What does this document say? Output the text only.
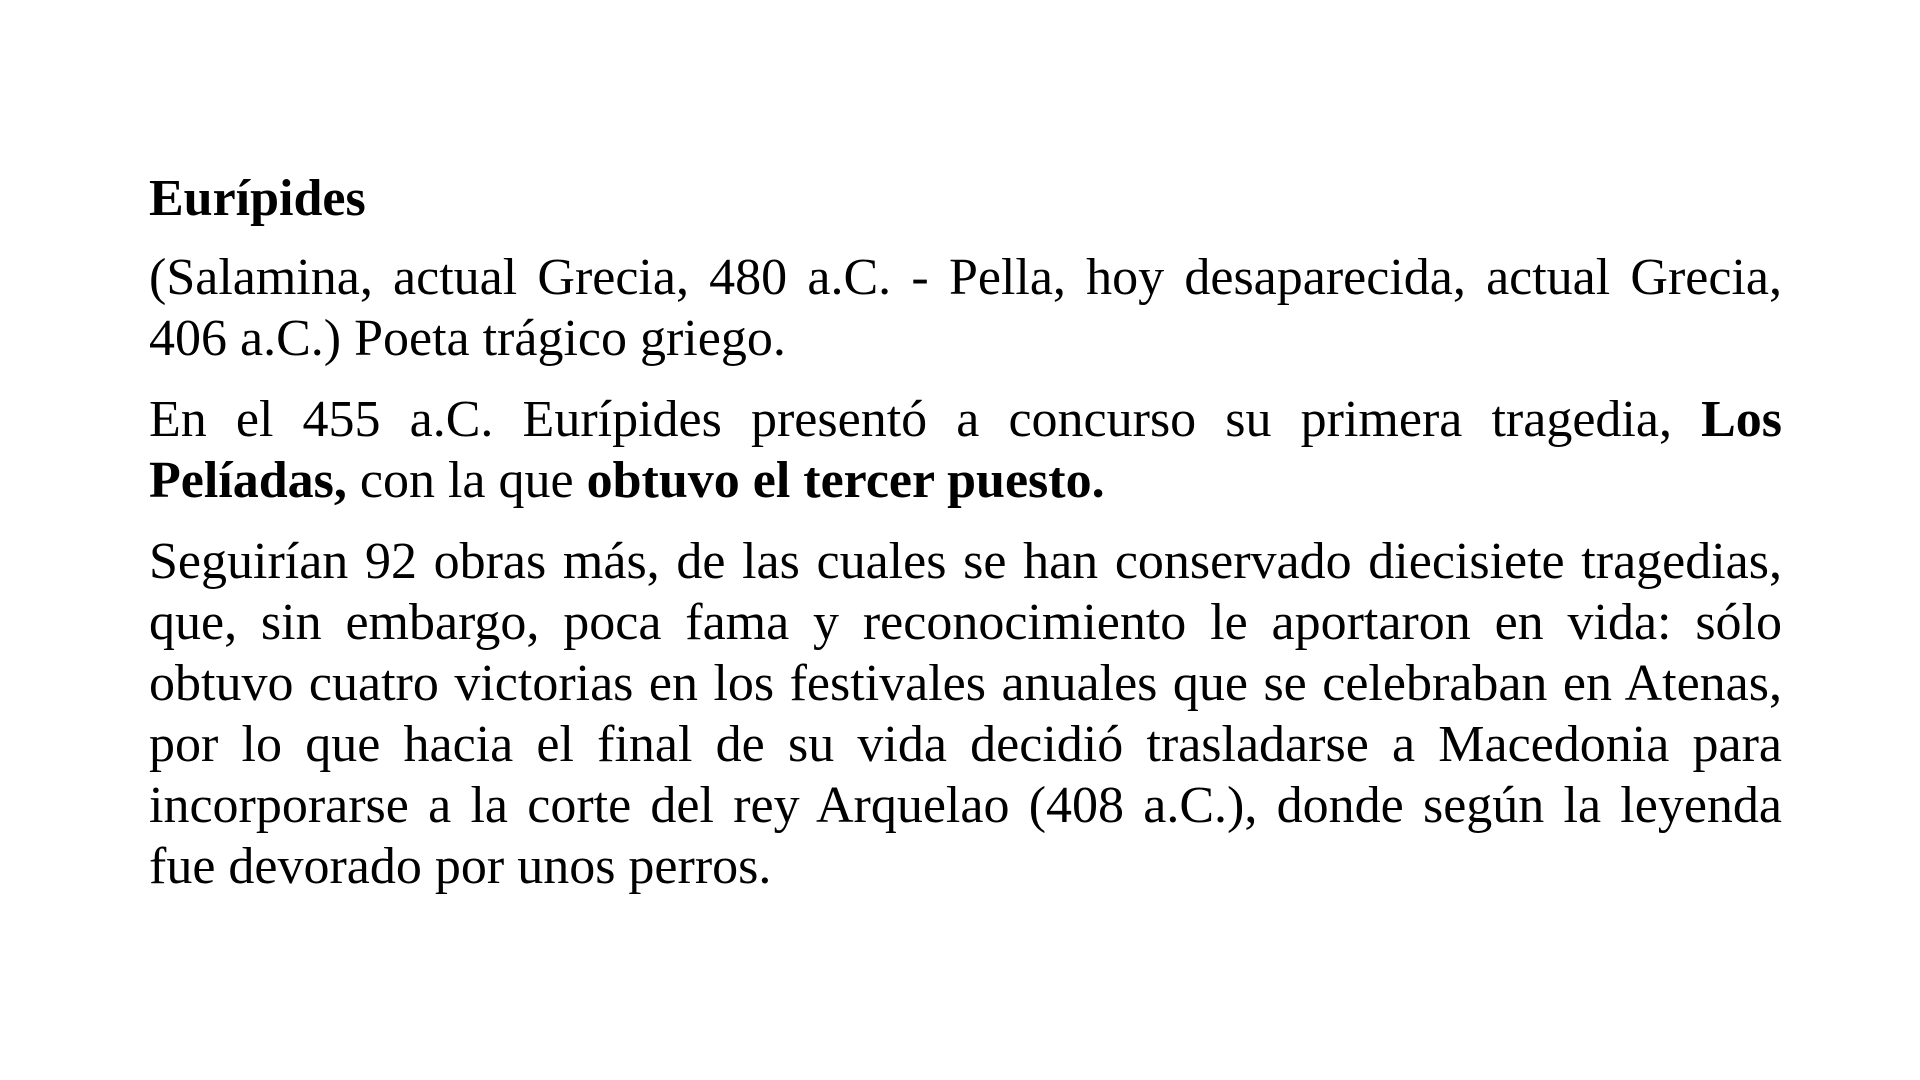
Eurípides
(Salamina, actual Grecia, 480 a.C. - Pella, hoy desaparecida, actual Grecia, 406 a.C.) Poeta trágico griego.
En el 455 a.C. Eurípides presentó a concurso su primera tragedia, Los Pelíadas, con la que obtuvo el tercer puesto.
Seguirían 92 obras más, de las cuales se han conservado diecisiete tragedias, que, sin embargo, poca fama y reconocimiento le aportaron en vida: sólo obtuvo cuatro victorias en los festivales anuales que se celebraban en Atenas, por lo que hacia el final de su vida decidió trasladarse a Macedonia para incorporarse a la corte del rey Arquelao (408 a.C.), donde según la leyenda fue devorado por unos perros.
